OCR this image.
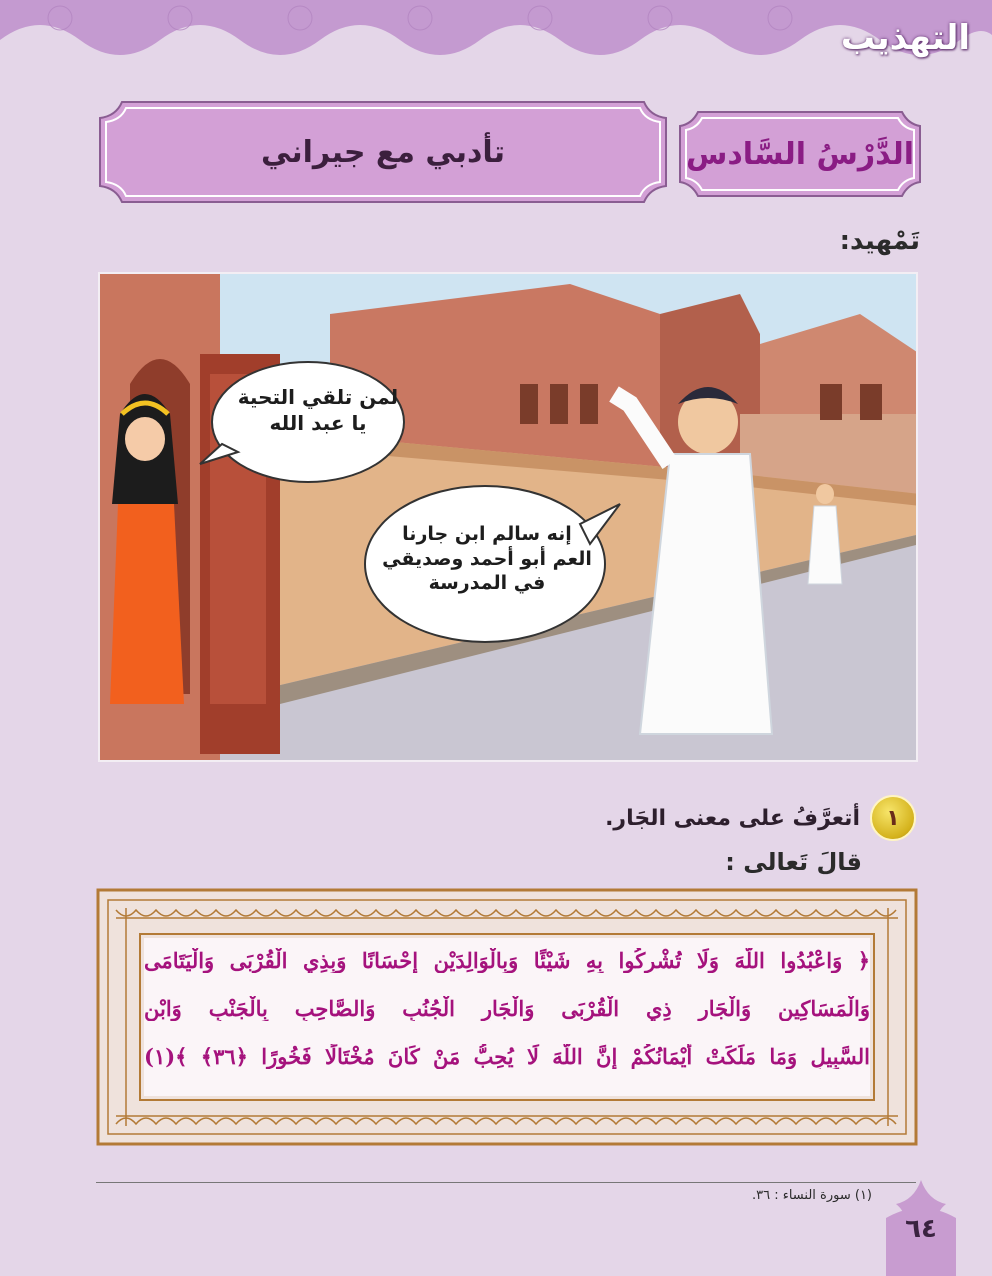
التهذيب
الدَّرْسُ السَّادس
تأدبي مع جيراني
تَمْهيد:
لمن تلقي التحية
يا عبد الله
إنه سالم ابن جارنا
العم أبو أحمد وصديقي
في المدرسة
١
أتعرَّفُ على معنى الجَار.
قالَ تَعالى :
﴿ وَاعْبُدُوا اللَّهَ وَلَا تُشْرِكُوا بِهِ شَيْئًا وَبِالْوَالِدَيْنِ إِحْسَانًا وَبِذِي الْقُرْبَى وَالْيَتَامَى
وَالْمَسَاكِينِ وَالْجَارِ ذِي الْقُرْبَى وَالْجَارِ الْجُنُبِ وَالصَّاحِبِ بِالْجَنْبِ وَابْنِ
السَّبِيلِ وَمَا مَلَكَتْ أَيْمَانُكُمْ إِنَّ اللَّهَ لَا يُحِبُّ مَنْ كَانَ مُخْتَالًا فَخُورًا ﴿٣٦﴾ ﴾(١)
(١) سورة النساء : ٣٦.
٦٤
